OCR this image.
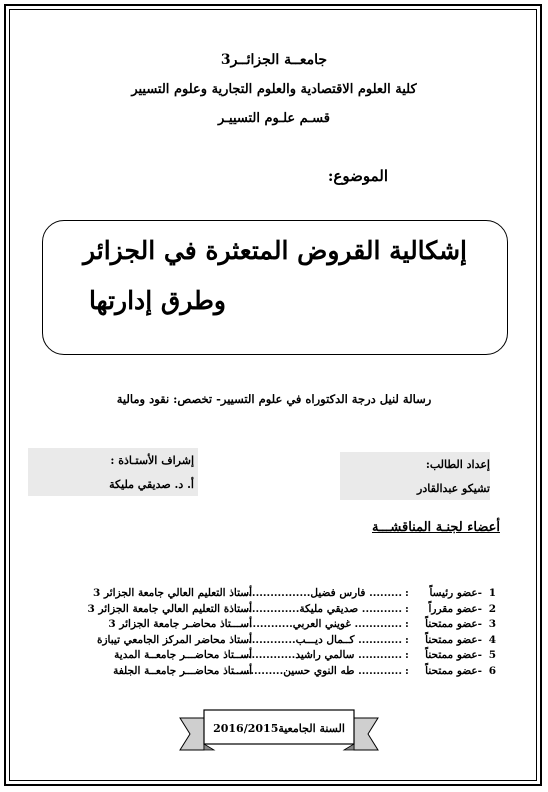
جامعــة الجزائــر3
كلية العلوم الاقتصادية والعلوم التجارية وعلوم التسيير
قسـم علـوم التسييـر
الموضوع:
إشكالية القروض المتعثرة في الجزائر
وطرق إدارتها
رسالة لنيل درجة الدكتوراه في علوم التسيير- تخصص: نقود ومالية
إعداد الطالب:
تشيكو عبدالقادر
إشراف الأستـاذة :
أ. د. صديقي مليكة
أعضاء لجنـة المناقشـــة
1
-عضو رئيساً
:
......... فارس فضيل..................
أستاذ التعليم العالي جامعة الجزائر 3
2
-عضو مقرراً
:
........... صديقي مليكة...............
أستاذة التعليم العالي جامعة الجزائر 3
3
-عضو ممتحناً
:
............. غويني العربي............
أســـتاذ محاضـر جامعة الجزائر 3
4
-عضو ممتحناً
:
............ كــمال ديـــب.............
أستاذ محاضر المركز الجامعي تيبازة
5
-عضو ممتحناً
:
............ سالمي راشيد...............
أســتاذ محاضـــر جامعــة المدية
6
-عضو ممتحناً
:
............ طه النوي حسين..............
أســتاذ محاضـــر جامعــة الجلفة
السنة الجامعية2016/2015
